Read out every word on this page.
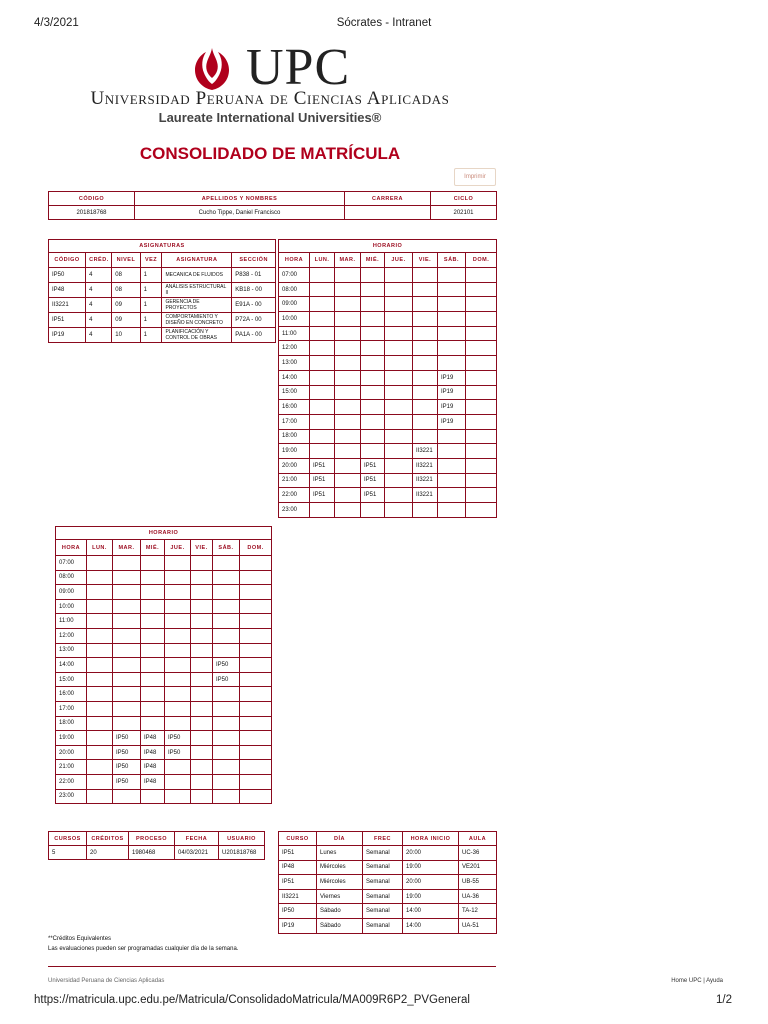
4/3/2021	Sócrates - Intranet
UPC
Universidad Peruana de Ciencias Aplicadas
Laureate International Universities®
CONSOLIDADO DE MATRÍCULA
Imprimir
CÓDIGO	APELLIDOS Y NOMBRES	CARRERA	CICLO
201818768	Cucho Tippe, Daniel Francisco		202101
ASIGNATURAS					
CÓDIGO	CRÉD.	NIVEL	VEZ	ASIGNATURA	SECCIÓN
IP50	4	08	1	MECANICA DE FLUIDOS	P838 - 01
IP48	4	08	1	ANÁLISIS ESTRUCTURAL II	KB18 - 00
II3221	4	09	1	GERENCIA DE PROYECTOS	E91A - 00
IP51	4	09	1	COMPORTAMIENTO Y DISEÑO EN CONCRETO	P72A - 00
IP19	4	10	1	PLANIFICACIÓN Y CONTROL DE OBRAS	PA1A - 00
HORARIO							
HORA	LUN.	MAR.	MIÉ.	JUE.	VIE.	SÁB.	DOM.
07:00							
08:00							
09:00							
10:00							
11:00							
12:00							
13:00							
14:00						IP19	
15:00						IP19	
16:00						IP19	
17:00						IP19	
18:00							
19:00					II3221		
20:00	IP51		IP51		II3221		
21:00	IP51		IP51		II3221		
22:00	IP51		IP51		II3221		
23:00							
HORARIO							
HORA	LUN.	MAR.	MIÉ.	JUE.	VIE.	SÁB.	DOM.
07:00							
08:00							
09:00							
10:00							
11:00							
12:00							
13:00							
14:00						IP50	
15:00						IP50	
16:00							
17:00							
18:00							
19:00		IP50	IP48	IP50			
20:00		IP50	IP48	IP50			
21:00		IP50	IP48				
22:00		IP50	IP48				
23:00							
CURSOS	CRÉDITOS	PROCESO	FECHA	USUARIO
5	20	1980468	04/03/2021	U201818768
CURSO	DÍA	FREC	HORA INICIO	AULA
IP51	Lunes	Semanal	20:00	UC-36
IP48	Miércoles	Semanal	19:00	VE201
IP51	Miércoles	Semanal	20:00	UB-55
II3221	Viernes	Semanal	19:00	UA-36
IP50	Sábado	Semanal	14:00	TA-12
IP19	Sábado	Semanal	14:00	UA-51
**Créditos Equivalentes
Las evaluaciones pueden ser programadas cualquier día de la semana.
Universidad Peruana de Ciencias Aplicadas	Home UPC | Ayuda
https://matricula.upc.edu.pe/Matricula/ConsolidadoMatricula/MA009R6P2_PVGeneral	1/2
